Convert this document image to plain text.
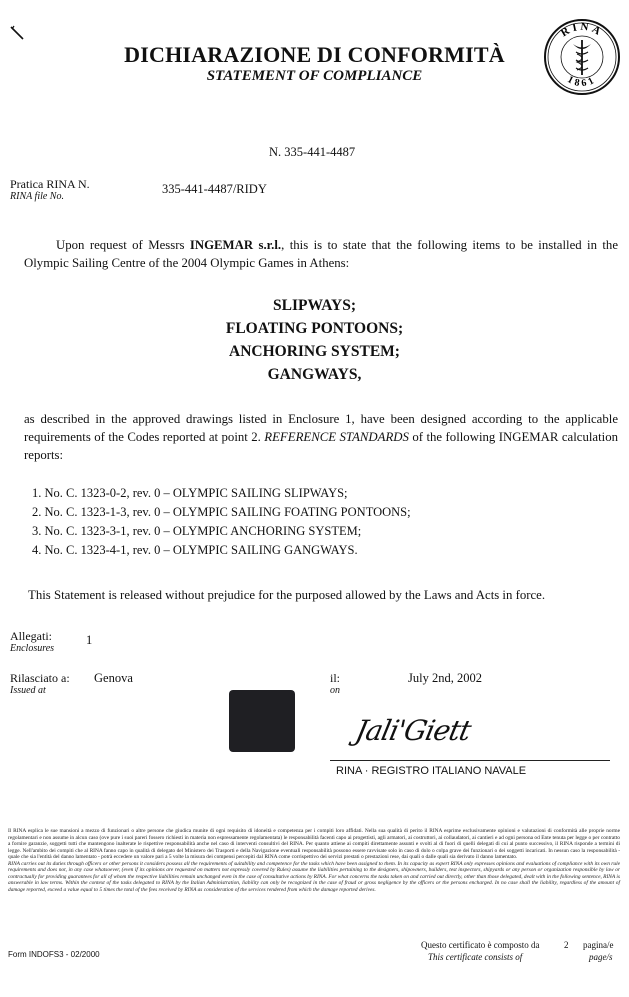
DICHIARAZIONE DI CONFORMITÀ
STATEMENT OF COMPLIANCE
RINA
1861
N. 335-441-4487
Pratica RINA N.
RINA file No.
335-441-4487/RIDY
Upon request of Messrs INGEMAR s.r.l., this is to state that the following items to be installed in the Olympic Sailing Centre of the 2004 Olympic Games in Athens:
SLIPWAYS;
FLOATING PONTOONS;
ANCHORING SYSTEM;
GANGWAYS,
as described in the approved drawings listed in Enclosure 1, have been designed according to the applicable requirements of the Codes reported at point 2. REFERENCE STANDARDS of the following INGEMAR calculation reports:
1. No. C. 1323-0-2, rev. 0 – OLYMPIC SAILING SLIPWAYS;
2. No. C. 1323-1-3, rev. 0 – OLYMPIC SAILING FOATING PONTOONS;
3. No. C. 1323-3-1, rev. 0 – OLYMPIC ANCHORING SYSTEM;
4. No. C. 1323-4-1, rev. 0 – OLYMPIC SAILING GANGWAYS.
This Statement is released without prejudice for the purposed allowed by the Laws and Acts in force.
Allegati:
Enclosures
1
Rilasciato a:
Issued at
Genova	il:
on
July 2nd, 2002
Jali'Giett
RINA · REGISTRO ITALIANO NAVALE
Il RINA esplica le sue mansioni a mezzo di funzionari o altre persone che giudica munite di ogni requisito di idoneità e competenza per i compiti loro affidati. Nella sua qualità di perito il RINA esprime esclusivamente opinioni e valutazioni di conformità alle proprie norme regolamentari e non assume in alcun caso (ove pure i suoi pareri fossero richiesti in materia non espressamente regolamentata) le responsabilità facenti capo ai progettisti, agli armatori, ai costruttori, ai collaudatori, ai cantieri e ad ogni persona od Ente tenuta per legge o per contratto a fornire garanzie, soggetti tutti che mantengono inalterate le rispettive responsabilità anche nel caso di interventi consultivi del RINA. Per quanto attiene ai compiti direttamente assunti e svolti al di fuori di quelli delegati di cui al punto successivo, il RINA risponde a termini di legge. Nell'ambito dei compiti che al RINA fanno capo in qualità di delegato del Ministero dei Trasporti e della Navigazione eventuali responsabilità possono essere ravvisate solo in caso di dolo o colpa grave dei funzionari o dei soggetti incaricati. In nessun caso la responsabilità - quale che sia l'entità del danno lamentato - potrà eccedere un valore pari a 5 volte la misura dei compensi percepiti dal RINA come corrispettivo dei servizi prestati o prestazioni rese, dai quali o dalle quali sia derivato il danno lamentato.
RINA carries out its duties through officers or other persons it considers possess all the requirements of suitability and competence for the tasks which have been assigned to them. In its capacity as expert RINA only expresses opinions and evaluations of compliance with its own rule requirements and does not, in any case whatsoever, (even if its opinions are requested on matters not expressly covered by Rules) assume the liabilities pertaining to the designers, shipowners, builders, test inspectors, shipyards or any person or organization responsible by law or contractually for providing guarantees for all of whom the respective liabilities remain unchanged even in the case of consultative actions by RINA. For what concerns the tasks taken on and carried out directly, other than those delegated, dealt with in the following sentence, RINA is answerable in law terms. Within the context of the tasks delegated to RINA by the Italian Administration, liability can only be recognized in the case of fraud or gross negligence by the officers or the persons encharged. In no case shall the liability, regardless of the amount of damage reported, exceed a value equal to 5 times the total of the fees received by RINA as consideration of the services rendered from which the damage reported derives.
Form INDOFS3 - 02/2000
Questo certificato è composto da
This certificate consists of
2 pagina/e
page/s
